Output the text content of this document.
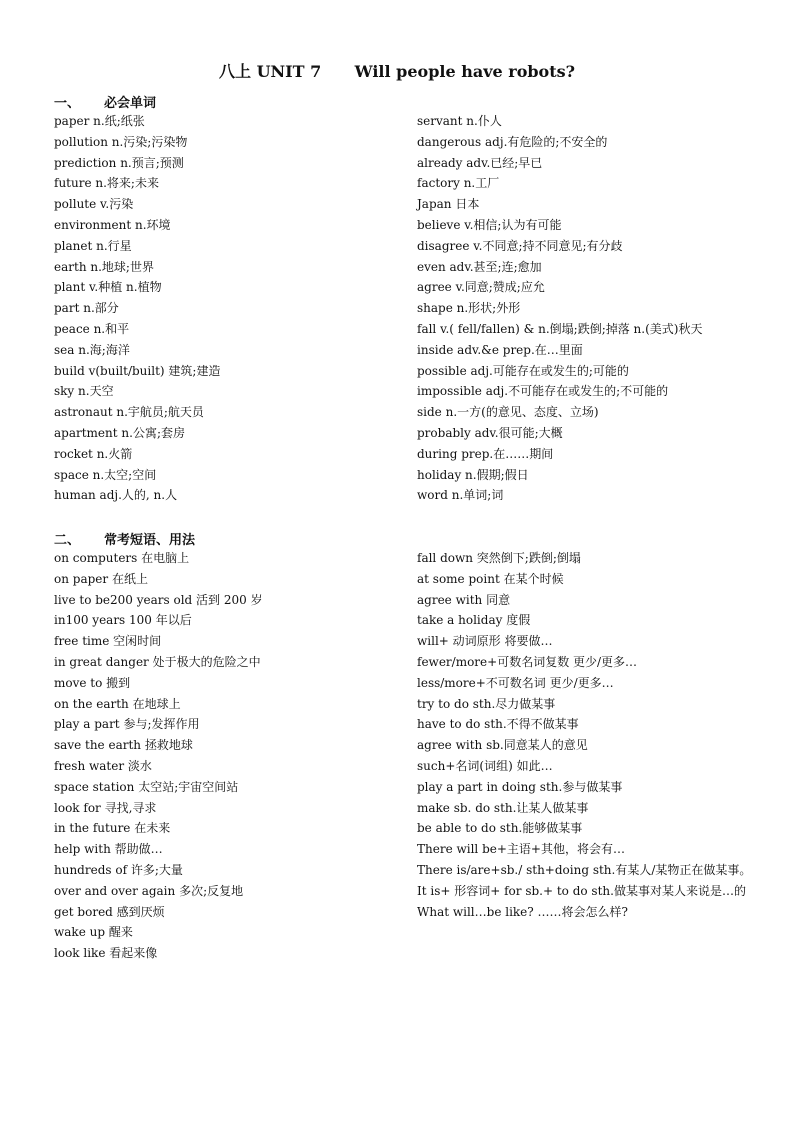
八上 UNIT 7      Will people have robots?
一、 必会单词
paper n.纸;纸张
pollution n.污染;污染物
prediction n.预言;预测
future n.将来;未来
pollute v.污染
environment n.环境
planet n.行星
earth n.地球;世界
plant v.种植 n.植物
part n.部分
peace n.和平
sea n.海;海洋
build v(built/built) 建筑;建造
sky n.天空
astronaut n.宇航员;航天员
apartment n.公寓;套房
rocket n.火箭
space n.太空;空间
human adj.人的, n.人
servant n.仆人
dangerous adj.有危险的;不安全的
already adv.已经;早已
factory n.工厂
Japan 日本
believe v.相信;认为有可能
disagree v.不同意;持不同意见;有分歧
even adv.甚至;连;愈加
agree v.同意;赞成;应允
shape n.形状;外形
fall v.( fell/fallen) & n.倒塌;跌倒;掉落 n.(美式)秋天
inside adv.&e prep.在…里面
possible adj.可能存在或发生的;可能的
impossible adj.不可能存在或发生的;不可能的
side n.一方(的意见、态度、立场)
probably adv.很可能;大概
during prep.在……期间
holiday n.假期;假日
word n.单词;词
二、 常考短语、用法
on computers 在电脑上
on paper 在纸上
live to be200 years old 活到 200 岁
in100 years 100 年以后
free time 空闲时间
in great danger 处于极大的危险之中
move to 搬到
on the earth 在地球上
play a part 参与;发挥作用
save the earth 拯救地球
fresh water 淡水
space station 太空站;宇宙空间站
look for 寻找,寻求
in the future 在未来
help with 帮助做…
hundreds of 许多;大量
over and over again 多次;反复地
get bored 感到厌烦
wake up 醒来
look like 看起来像
fall down 突然倒下;跌倒;倒塌
at some point 在某个时候
agree with 同意
take a holiday 度假
will+ 动词原形 将要做…
fewer/more+可数名词复数 更少/更多…
less/more+不可数名词 更少/更多…
try to do sth.尽力做某事
have to do sth.不得不做某事
agree with sb.同意某人的意见
such+名词(词组) 如此…
play a part in doing sth.参与做某事
make sb. do sth.让某人做某事
be able to do sth.能够做某事
There will be+主语+其他，将会有…
There is/are+sb./ sth+doing sth.有某人/某物正在做某事。
It is+ 形容词+ for sb.+ to do sth.做某事对某人来说是…的
What will…be like? ……将会怎么样?
